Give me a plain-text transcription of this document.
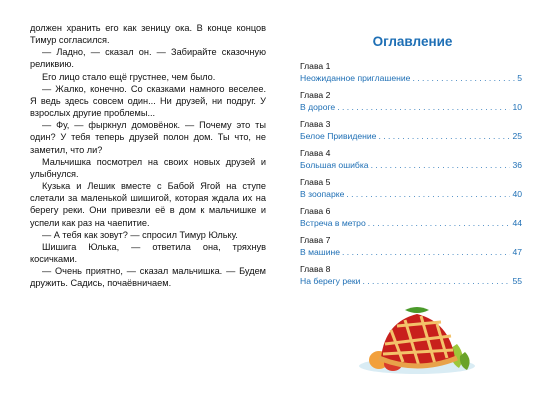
должен хранить его как зеницу ока. В конце концов Тимур согласился.

— Ладно, — сказал он. — Забирайте сказочную реликвию.

Его лицо стало ещё грустнее, чем было.

— Жалко, конечно. Со сказками намного веселее. Я ведь здесь совсем один... Ни друзей, ни подруг. У взрослых другие проблемы...

— Фу, — фыркнул домовёнок. — Почему это ты один? У тебя теперь друзей полон дом. Ты что, не заметил, что ли?

Мальчишка посмотрел на своих новых друзей и улыбнулся.

Кузька и Лешик вместе с Бабой Ягой на ступе слетали за маленькой шишигой, которая ждала их на берегу реки. Они привезли её в дом к мальчишке и успели как раз на чаепитие.

— А тебя как зовут? — спросил Тимур Юльку.

Шишига Юлька, — ответила она, тряхнув косичками.

— Очень приятно, — сказал мальчишка. — Будем дружить. Садись, почаёвничаем.

Оглавление
Глава 1
Неожиданное приглашение . . .	5
Глава 2
В дороге . . .	10
Глава 3
Белое Привидение . . .	25
Глава 4
Большая ошибка . . .	36
Глава 5
В зоопарке . . .	40
Глава 6
Встреча в метро . . .	44
Глава 7
В машине . . .	47
Глава 8
На берегу реки . . .	55
